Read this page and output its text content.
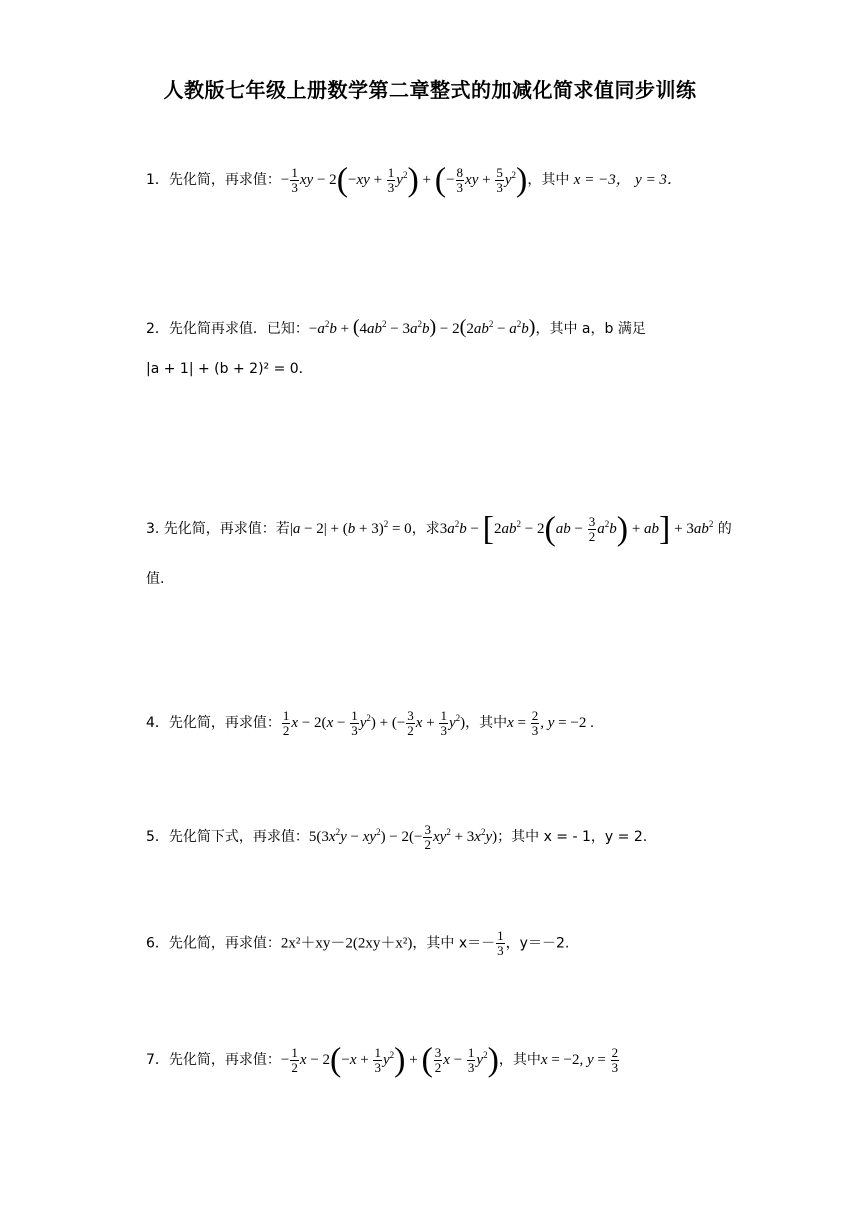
人教版七年级上册数学第二章整式的加减化简求值同步训练
1．先化简，再求值：− $\frac{1}{3}$ xy − $2(-xy + \frac{1}{3} y^2)$ + (− $\frac{8}{3}$ xy + $\frac{5}{3} y^2$)，其中 x = −3， y = 3．
2．先化简再求值．已知：$-a^2b + (4ab^2 - 3a^2b) - 2(2ab^2 - a^2b)$，其中 a，b 满足
|a + 1| + (b + 2)² = 0．
3. 先化简，再求值：若$|a - 2| + (b + 3)^2 = 0$，求$3a^2b - [2ab^2 - 2(ab - \frac{3}{2} a^2b) + ab] + 3ab^2$ 的
值.
4．先化简，再求值： $\frac{1}{2}$ $x - 2(x - \frac{1}{3} y^2)$ + (− $\frac{3}{2}$ $x + \frac{1}{3} y^2$)，其中$x = \frac{2}{3}$ , y = −2 .
5．先化简下式，再求值：$5(3x^2y - xy^2) - 2(- \frac{3}{2} xy^2 + 3x^2y)$；其中 x = - 1，y = 2.
6．先化简，再求值：2x²＋xy－2(2xy＋x²)，其中 $x=- \frac{1}{3}$ ，y＝－2.
7．先化简，再求值：− $\frac{1}{2}$ $x - 2(-x + \frac{1}{3} y^2)$ + ( $\frac{3}{2}$ $x - \frac{1}{3} y^2$)，其中x = −2, $y = \frac{2}{3}$
